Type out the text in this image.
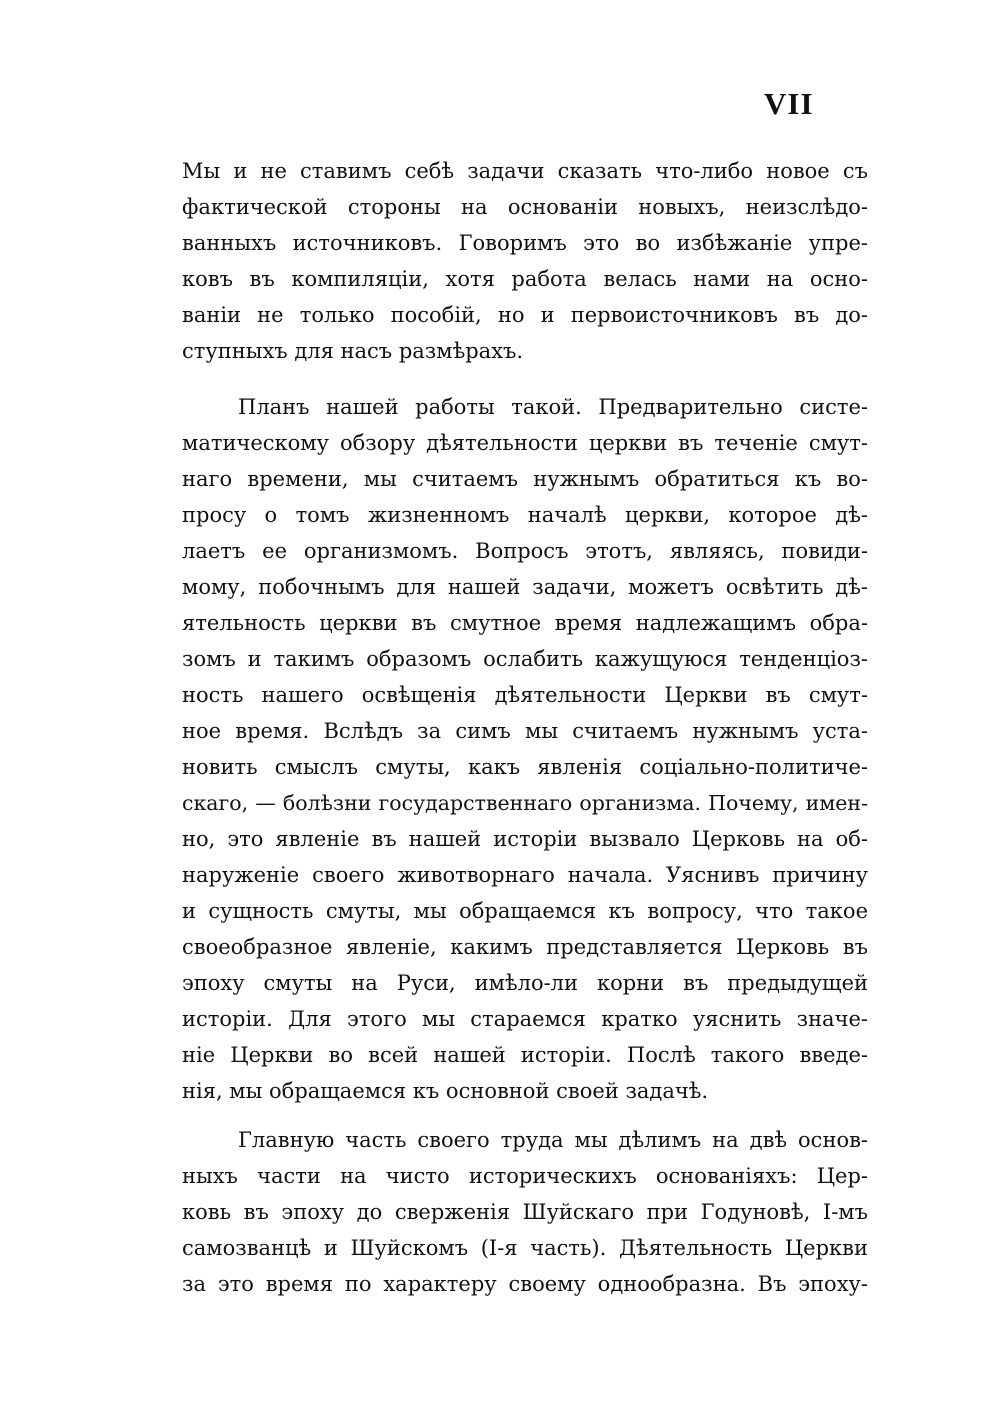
VII
Мы и не ставимъ себѣ задачи сказать что-либо новое съ
фактической стороны на основанiи новыхъ, неизслѣдо-
ванныхъ источниковъ. Говоримъ это во избѣжанiе упре-
ковъ въ компиляцiи, хотя работа велась нами на осно-
ванiи не только пособiй, но и первоисточниковъ въ до-
ступныхъ для насъ размѣрахъ.
Планъ нашей работы такой. Предварительно систе-
матическому обзору дѣятельности церкви въ теченiе смут-
наго времени, мы считаемъ нужнымъ обратиться къ во-
просу о томъ жизненномъ началѣ церкви, которое дѣ-
лаетъ ее организмомъ. Вопросъ этотъ, являясь, повиди-
мому, побочнымъ для нашей задачи, можетъ освѣтить дѣ-
ятельность церкви въ смутное время надлежащимъ обра-
зомъ и такимъ образомъ ослабить кажущуюся тенденцiоз-
ность нашего освѣщенiя дѣятельности Церкви въ смут-
ное время. Вслѣдъ за симъ мы считаемъ нужнымъ уста-
новить смыслъ смуты, какъ явленiя соцiально-политиче-
скаго, — болѣзни государственнаго организма. Почему, имен-
но, это явленiе въ нашей исторiи вызвало Церковь на об-
наруженiе своего животворнаго начала. Уяснивъ причину
и сущность смуты, мы обращаемся къ вопросу, что такое
своеобразное явленiе, какимъ представляется Церковь въ
эпоху смуты на Руси, имѣло-ли корни въ предыдущей
исторiи. Для этого мы стараемся кратко уяснить значе-
нiе Церкви во всей нашей исторiи. Послѣ такого введе-
нiя, мы обращаемся къ основной своей задачѣ.
Главную часть своего труда мы дѣлимъ на двѣ основ-
ныхъ части на чисто историческихъ основанiяхъ: Цер-
ковь въ эпоху до сверженiя Шуйскаго при Годуновѣ, I-мъ
самозванцѣ и Шуйскомъ (I-я часть). Дѣятельность Церкви
за это время по характеру своему однообразна. Въ эпоху-
